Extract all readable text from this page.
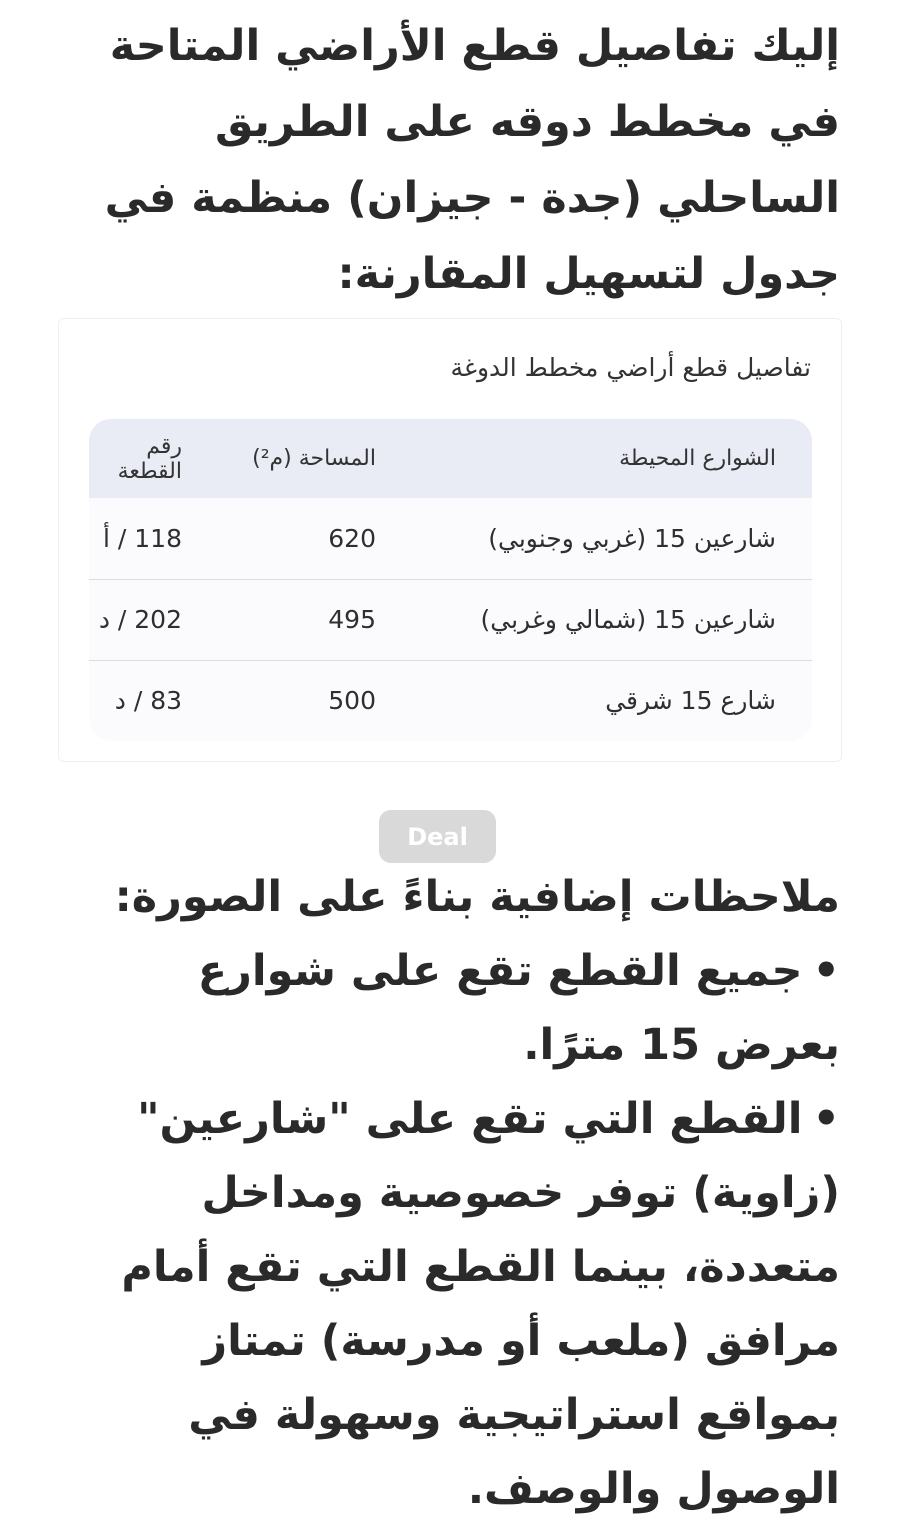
إليك تفاصيل قطع الأراضي المتاحة في مخطط دوقه على الطريق الساحلي (جدة - جيزان) منظمة في جدول لتسهيل المقارنة:

تفاصيل قطع أراضي مخطط الدوغة
الشوارع المحيطة	المساحة (م²)	رقم القطعة
شارعين 15 (غربي وجنوبي)	620	118 / أ
شارعين 15 (شمالي وغربي)	495	202 / د
شارع 15 شرقي	500	83 / د
Deal

ملاحظات إضافية بناءً على الصورة:

•جميع القطع تقع على شوارع بعرض 15 مترًا.

•القطع التي تقع على "شارعين" (زاوية) توفر خصوصية ومداخل متعددة، بينما القطع التي تقع أمام مرافق (ملعب أو مدرسة) تمتاز بمواقع استراتيجية وسهولة في الوصول والوصف.
